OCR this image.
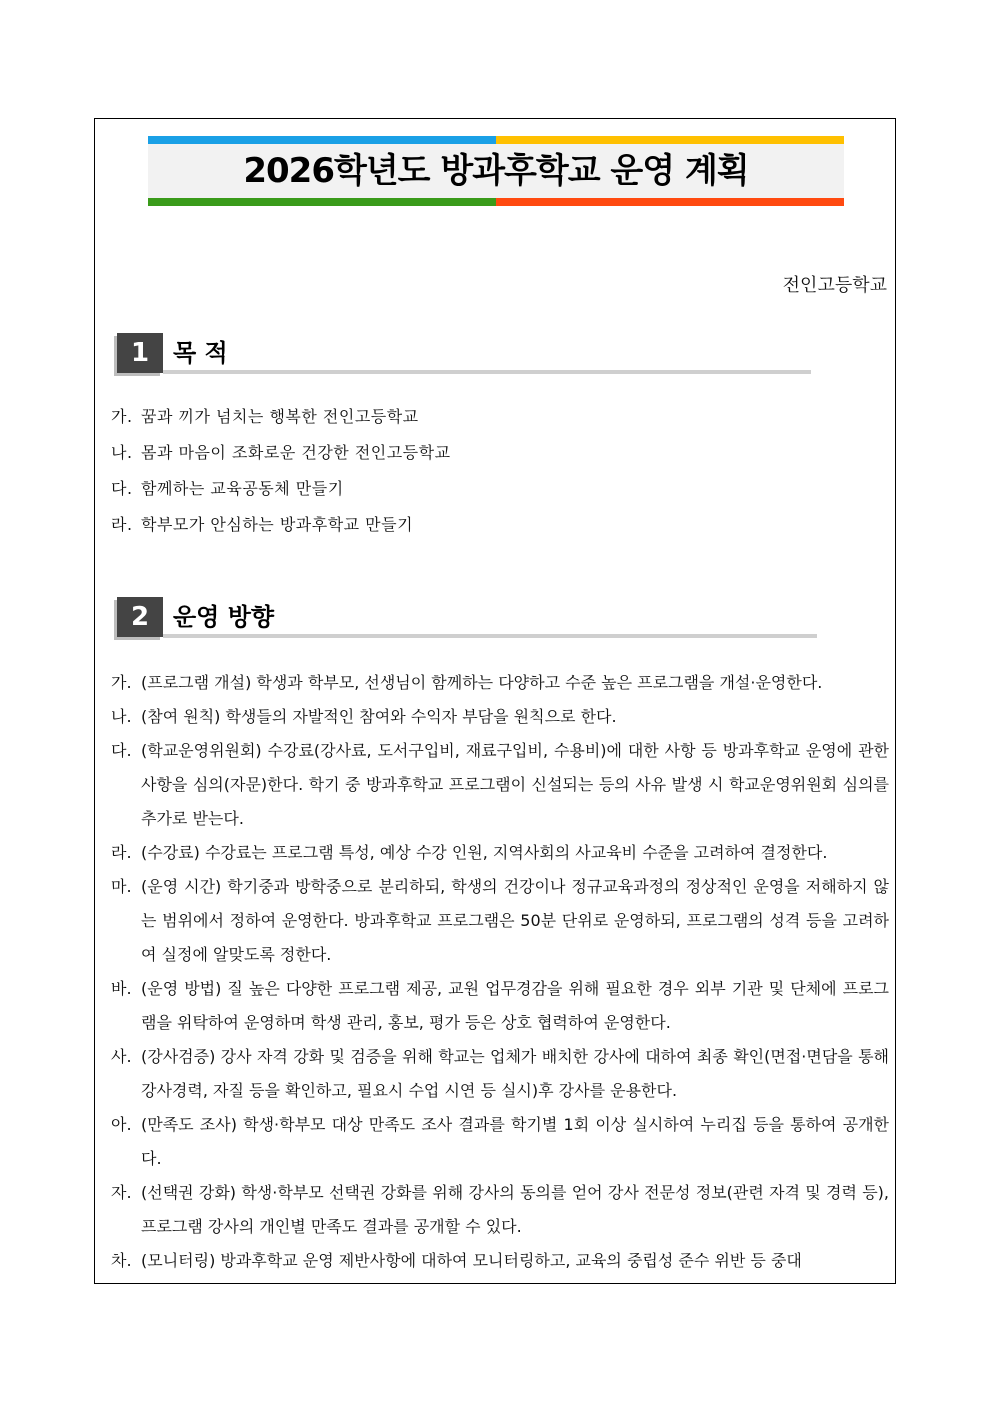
2026학년도 방과후학교 운영 계획
전인고등학교
1 목 적
가. 꿈과 끼가 넘치는 행복한 전인고등학교
나. 몸과 마음이 조화로운 건강한 전인고등학교
다. 함께하는 교육공동체 만들기
라. 학부모가 안심하는 방과후학교 만들기
2 운영 방향
가. (프로그램 개설) 학생과 학부모, 선생님이 함께하는 다양하고 수준 높은 프로그램을 개설·운영한다.
나. (참여 원칙) 학생들의 자발적인 참여와 수익자 부담을 원칙으로 한다.
다. (학교운영위원회) 수강료(강사료, 도서구입비, 재료구입비, 수용비)에 대한 사항 등 방과후학교 운영에 관한 사항을 심의(자문)한다. 학기 중 방과후학교 프로그램이 신설되는 등의 사유 발생 시 학교운영위원회 심의를 추가로 받는다.
라. (수강료) 수강료는 프로그램 특성, 예상 수강 인원, 지역사회의 사교육비 수준을 고려하여 결정한다.
마. (운영 시간) 학기중과 방학중으로 분리하되, 학생의 건강이나 정규교육과정의 정상적인 운영을 저해하지 않는 범위에서 정하여 운영한다. 방과후학교 프로그램은 50분 단위로 운영하되, 프로그램의 성격 등을 고려하여 실정에 알맞도록 정한다.
바. (운영 방법) 질 높은 다양한 프로그램 제공, 교원 업무경감을 위해 필요한 경우 외부 기관 및 단체에 프로그램을 위탁하여 운영하며 학생 관리, 홍보, 평가 등은 상호 협력하여 운영한다.
사. (강사검증) 강사 자격 강화 및 검증을 위해 학교는 업체가 배치한 강사에 대하여 최종 확인(면접·면담을 통해 강사경력, 자질 등을 확인하고, 필요시 수업 시연 등 실시)후 강사를 운용한다.
아. (만족도 조사) 학생·학부모 대상 만족도 조사 결과를 학기별 1회 이상 실시하여 누리집 등을 통하여 공개한다.
자. (선택권 강화) 학생·학부모 선택권 강화를 위해 강사의 동의를 얻어 강사 전문성 정보(관련 자격 및 경력 등), 프로그램 강사의 개인별 만족도 결과를 공개할 수 있다.
차. (모니터링) 방과후학교 운영 제반사항에 대하여 모니터링하고, 교육의 중립성 준수 위반 등 중대
